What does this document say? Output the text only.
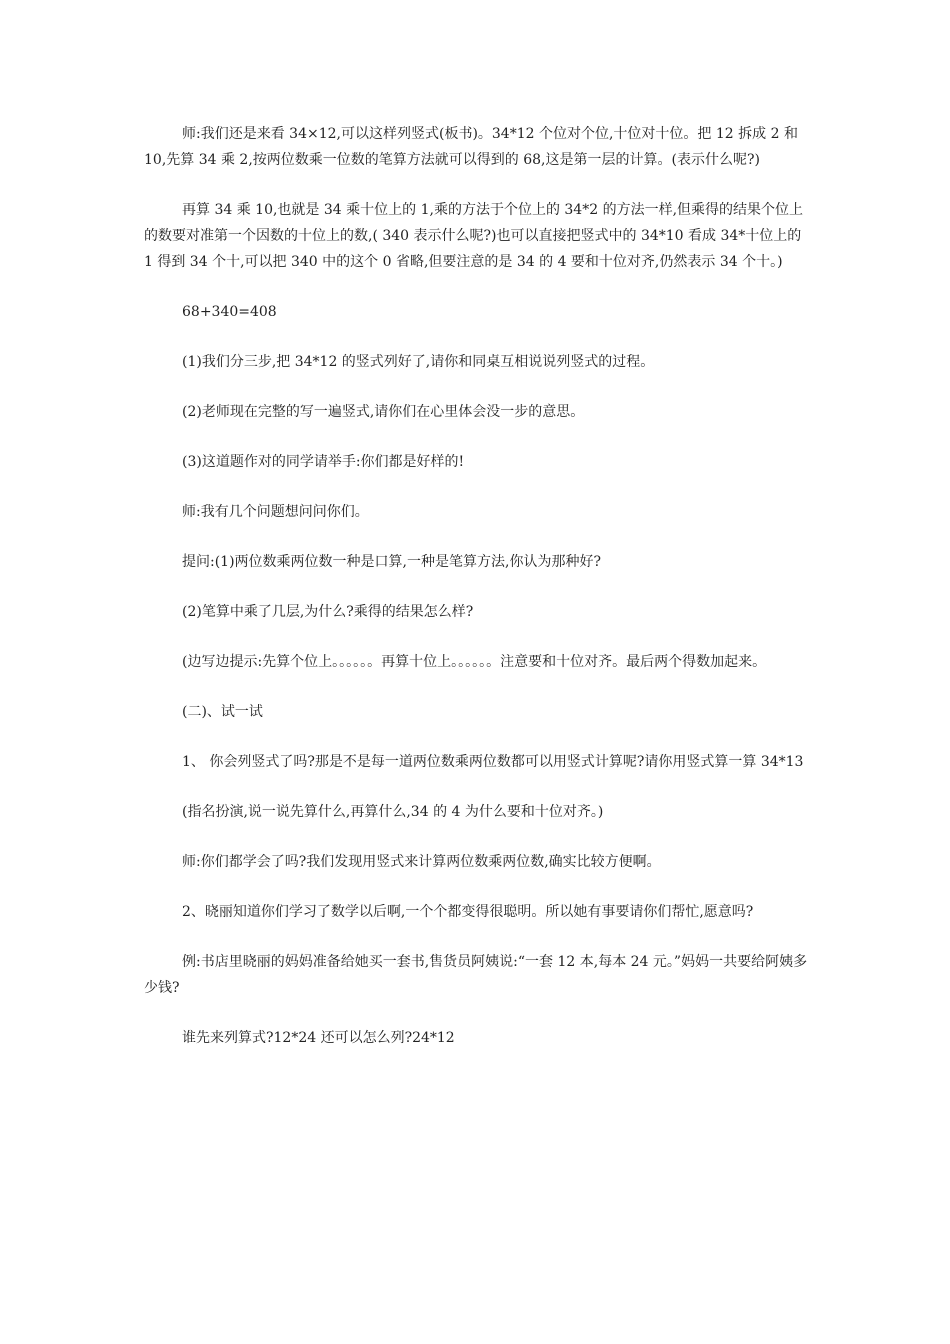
师:我们还是来看 34×12,可以这样列竖式(板书)。34*12 个位对个位,十位对十位。把 12 拆成 2 和 10,先算 34 乘 2,按两位数乘一位数的笔算方法就可以得到的 68,这是第一层的计算。(表示什么呢?)

再算 34 乘 10,也就是 34 乘十位上的 1,乘的方法于个位上的 34*2 的方法一样,但乘得的结果个位上的数要对准第一个因数的十位上的数,( 340 表示什么呢?)也可以直接把竖式中的 34*10 看成 34*十位上的 1 得到 34 个十,可以把 340 中的这个 0 省略,但要注意的是 34 的 4 要和十位对齐,仍然表示 34 个十。)

68+340=408

(1)我们分三步,把 34*12 的竖式列好了,请你和同桌互相说说列竖式的过程。

(2)老师现在完整的写一遍竖式,请你们在心里体会没一步的意思。

(3)这道题作对的同学请举手:你们都是好样的!

师:我有几个问题想问问你们。

提问:(1)两位数乘两位数一种是口算,一种是笔算方法,你认为那种好?

(2)笔算中乘了几层,为什么?乘得的结果怎么样?

(边写边提示:先算个位上。。。。。。再算十位上。。。。。。注意要和十位对齐。最后两个得数加起来。

(二)、试一试

1、 你会列竖式了吗?那是不是每一道两位数乘两位数都可以用竖式计算呢?请你用竖式算一算 34*13

(指名扮演,说一说先算什么,再算什么,34 的 4 为什么要和十位对齐。)

师:你们都学会了吗?我们发现用竖式来计算两位数乘两位数,确实比较方便啊。

2、晓丽知道你们学习了数学以后啊,一个个都变得很聪明。所以她有事要请你们帮忙,愿意吗?

例:书店里晓丽的妈妈准备给她买一套书,售货员阿姨说:“一套 12 本,每本 24 元。”妈妈一共要给阿姨多少钱?

谁先来列算式?12*24 还可以怎么列?24*12
